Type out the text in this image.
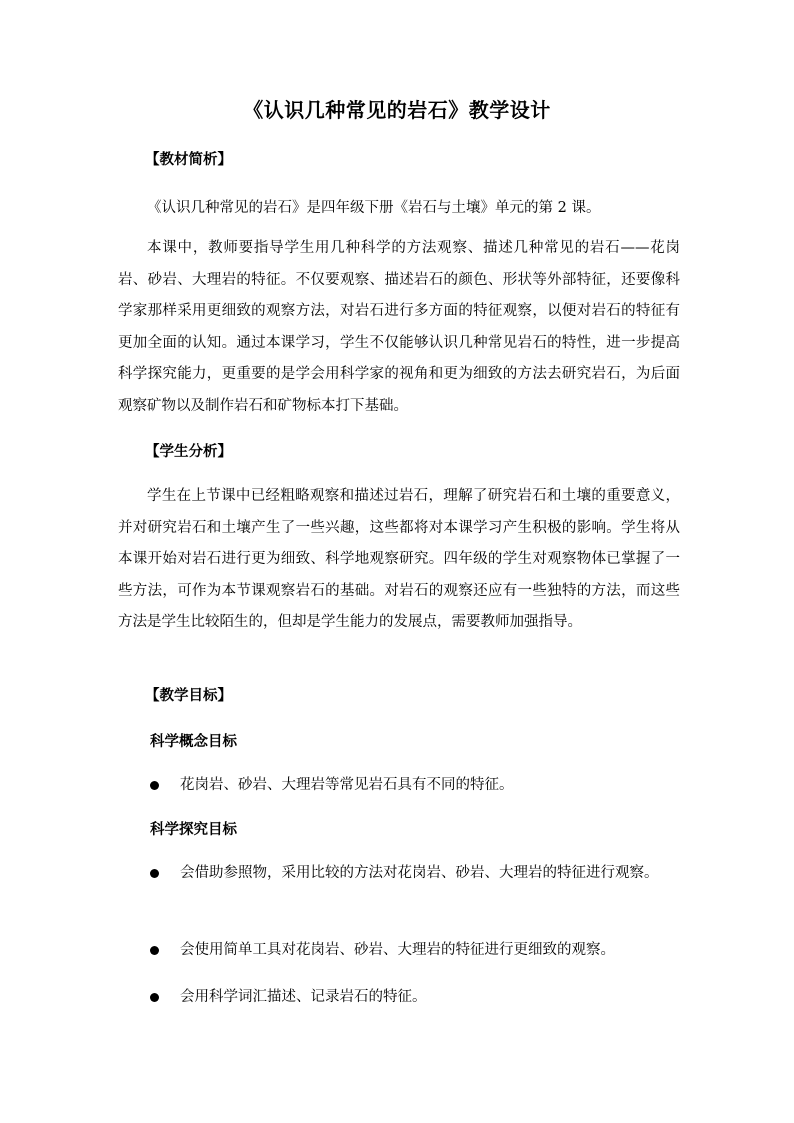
《认识几种常见的岩石》教学设计
【教材简析】

《认识几种常见的岩石》是四年级下册《岩石与土壤》单元的第 2 课。

本课中，教师要指导学生用几种科学的方法观察、描述几种常见的岩石——花岗岩、砂岩、大理岩的特征。不仅要观察、描述岩石的颜色、形状等外部特征，还要像科学家那样采用更细致的观察方法，对岩石进行多方面的特征观察，以便对岩石的特征有更加全面的认知。通过本课学习，学生不仅能够认识几种常见岩石的特性，进一步提高科学探究能力，更重要的是学会用科学家的视角和更为细致的方法去研究岩石，为后面观察矿物以及制作岩石和矿物标本打下基础。

【学生分析】

学生在上节课中已经粗略观察和描述过岩石，理解了研究岩石和土壤的重要意义，并对研究岩石和土壤产生了一些兴趣，这些都将对本课学习产生积极的影响。学生将从本课开始对岩石进行更为细致、科学地观察研究。四年级的学生对观察物体已掌握了一些方法，可作为本节课观察岩石的基础。对岩石的观察还应有一些独特的方法，而这些方法是学生比较陌生的，但却是学生能力的发展点，需要教师加强指导。

【教学目标】
科学概念目标
花岗岩、砂岩、大理岩等常见岩石具有不同的特征。
科学探究目标
会借助参照物，采用比较的方法对花岗岩、砂岩、大理岩的特征进行观察。
会使用简单工具对花岗岩、砂岩、大理岩的特征进行更细致的观察。
会用科学词汇描述、记录岩石的特征。
